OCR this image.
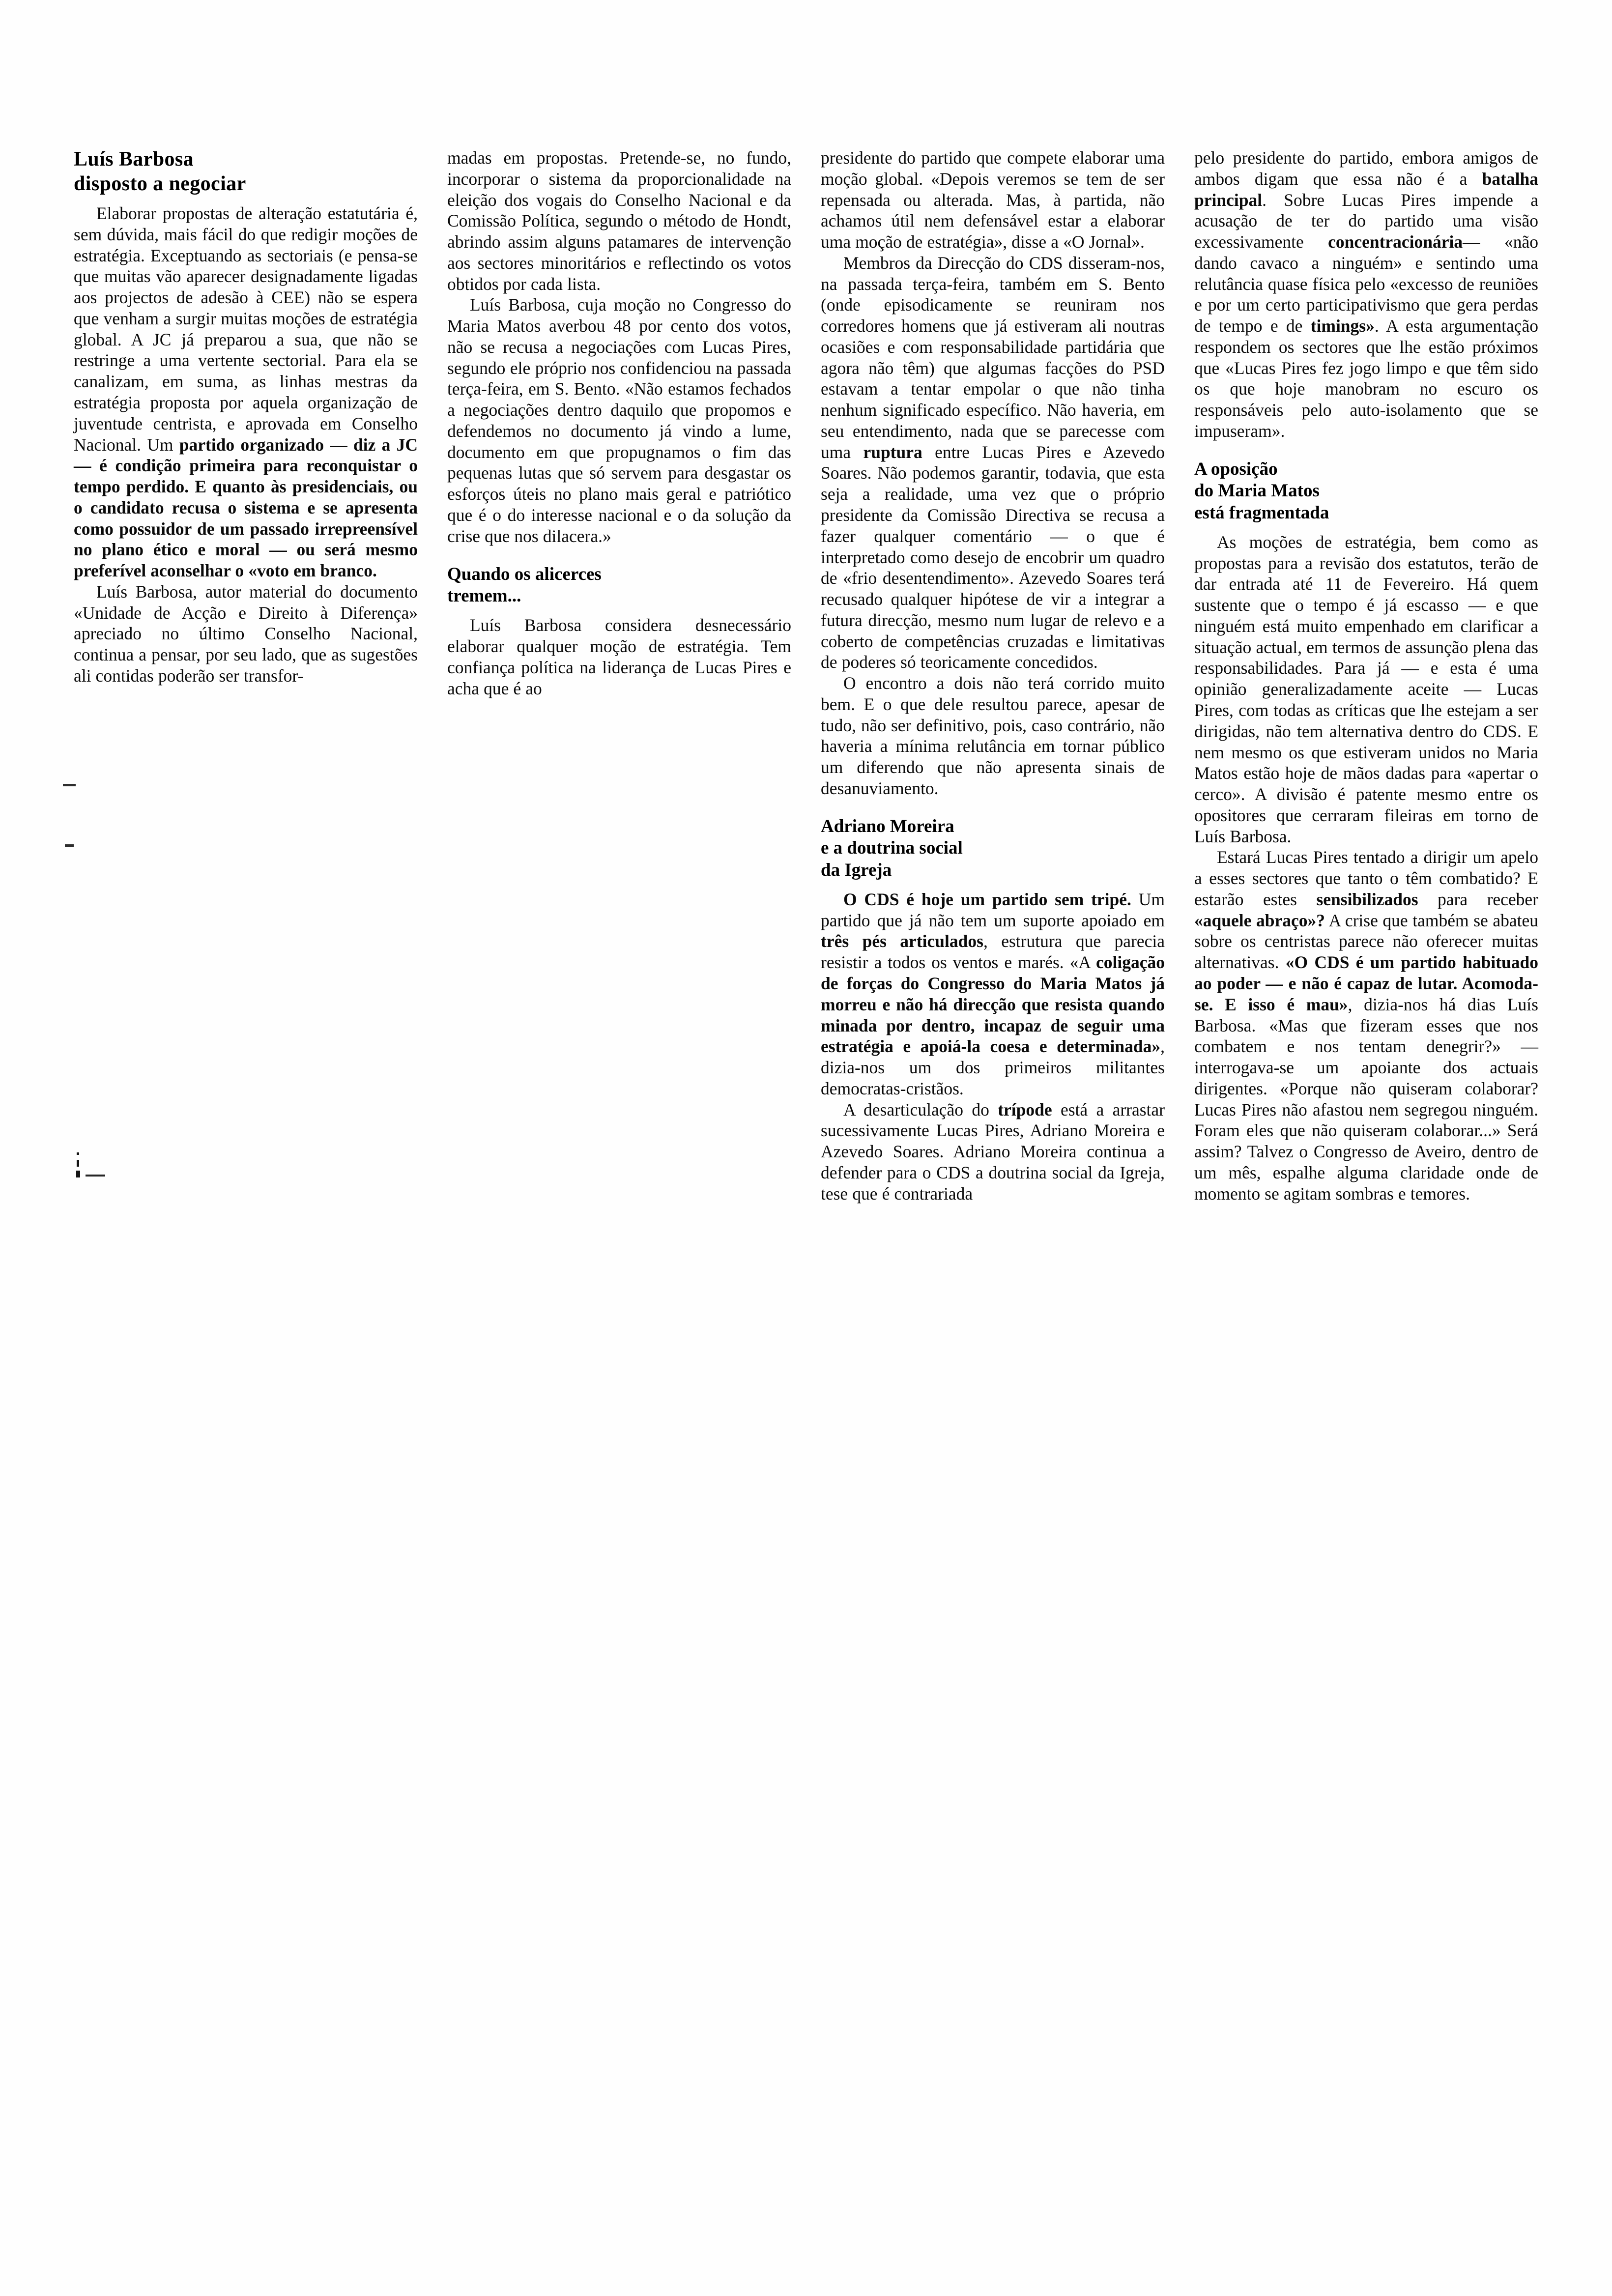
Luís Barbosa
disposto a negociar

Elaborar propostas de alteração estatutária é, sem dúvida, mais fácil do que redigir moções de estratégia. Exceptuando as sectoriais (e pensa-se que muitas vão aparecer designadamente ligadas aos projectos de adesão à CEE) não se espera que venham a surgir muitas moções de estratégia global. A JC já preparou a sua, que não se restringe a uma vertente sectorial. Para ela se canalizam, em suma, as linhas mestras da estratégia proposta por aquela organização de juventude centrista, e aprovada em Conselho Nacional. Um partido organizado — diz a JC — é condição primeira para reconquistar o tempo perdido. E quanto às presidenciais, ou o candidato recusa o sistema e se apresenta como possuidor de um passado irrepreensível no plano ético e moral — ou será mesmo preferível aconselhar o «voto em branco.

Luís Barbosa, autor material do documento «Unidade de Acção e Direito à Diferença» apreciado no último Conselho Nacional, continua a pensar, por seu lado, que as sugestões ali contidas poderão ser transfor-

madas em propostas. Pretende-se, no fundo, incorporar o sistema da proporcionalidade na eleição dos vogais do Conselho Nacional e da Comissão Política, segundo o método de Hondt, abrindo assim alguns patamares de intervenção aos sectores minoritários e reflectindo os votos obtidos por cada lista.

Luís Barbosa, cuja moção no Congresso do Maria Matos averbou 48 por cento dos votos, não se recusa a negociações com Lucas Pires, segundo ele próprio nos confidenciou na passada terça-feira, em S. Bento. «Não estamos fechados a negociações dentro daquilo que propomos e defendemos no documento já vindo a lume, documento em que propugnamos o fim das pequenas lutas que só servem para desgastar os esforços úteis no plano mais geral e patriótico que é o do interesse nacional e o da solução da crise que nos dilacera.»

Quando os alicerces
tremem...

Luís Barbosa considera desnecessário elaborar qualquer moção de estratégia. Tem confiança política na liderança de Lucas Pires e acha que é ao

presidente do partido que compete elaborar uma moção global. «Depois veremos se tem de ser repensada ou alterada. Mas, à partida, não achamos útil nem defensável estar a elaborar uma moção de estratégia», disse a «O Jornal».

Membros da Direcção do CDS disseram-nos, na passada terça-feira, também em S. Bento (onde episodicamente se reuniram nos corredores homens que já estiveram ali noutras ocasiões e com responsabilidade partidária que agora não têm) que algumas facções do PSD estavam a tentar empolar o que não tinha nenhum significado específico. Não haveria, em seu entendimento, nada que se parecesse com uma ruptura entre Lucas Pires e Azevedo Soares. Não podemos garantir, todavia, que esta seja a realidade, uma vez que o próprio presidente da Comissão Directiva se recusa a fazer qualquer comentário — o que é interpretado como desejo de encobrir um quadro de «frio desentendimento». Azevedo Soares terá recusado qualquer hipótese de vir a integrar a futura direcção, mesmo num lugar de relevo e a coberto de competências cruzadas e limitativas de poderes só teoricamente concedidos.

O encontro a dois não terá corrido muito bem. E o que dele resultou parece, apesar de tudo, não ser definitivo, pois, caso contrário, não haveria a mínima relutância em tornar público um diferendo que não apresenta sinais de desanuviamento.

Adriano Moreira
e a doutrina social
da Igreja

O CDS é hoje um partido sem tripé. Um partido que já não tem um suporte apoiado em três pés articulados, estrutura que parecia resistir a todos os ventos e marés. «A coligação de forças do Congresso do Maria Matos já morreu e não há direcção que resista quando minada por dentro, incapaz de seguir uma estratégia e apoiá-la coesa e determinada», dizia-nos um dos primeiros militantes democratas-cristãos.

A desarticulação do trípode está a arrastar sucessivamente Lucas Pires, Adriano Moreira e Azevedo Soares. Adriano Moreira continua a defender para o CDS a doutrina social da Igreja, tese que é contrariada

pelo presidente do partido, embora amigos de ambos digam que essa não é a batalha principal. Sobre Lucas Pires impende a acusação de ter do partido uma visão excessivamente concentracionária— «não dando cavaco a ninguém» e sentindo uma relutância quase física pelo «excesso de reuniões e por um certo participativismo que gera perdas de tempo e de timings». A esta argumentação respondem os sectores que lhe estão próximos que «Lucas Pires fez jogo limpo e que têm sido os que hoje manobram no escuro os responsáveis pelo auto-isolamento que se impuseram».

A oposição
do Maria Matos
está fragmentada

As moções de estratégia, bem como as propostas para a revisão dos estatutos, terão de dar entrada até 11 de Fevereiro. Há quem sustente que o tempo é já escasso — e que ninguém está muito empenhado em clarificar a situação actual, em termos de assunção plena das responsabilidades. Para já — e esta é uma opinião generalizadamente aceite — Lucas Pires, com todas as críticas que lhe estejam a ser dirigidas, não tem alternativa dentro do CDS. E nem mesmo os que estiveram unidos no Maria Matos estão hoje de mãos dadas para «apertar o cerco». A divisão é patente mesmo entre os opositores que cerraram fileiras em torno de Luís Barbosa.

Estará Lucas Pires tentado a dirigir um apelo a esses sectores que tanto o têm combatido? E estarão estes sensibilizados para receber «aquele abraço»? A crise que também se abateu sobre os centristas parece não oferecer muitas alternativas. «O CDS é um partido habituado ao poder — e não é capaz de lutar. Acomoda-se. E isso é mau», dizia-nos há dias Luís Barbosa. «Mas que fizeram esses que nos combatem e nos tentam denegrir?» — interrogava-se um apoiante dos actuais dirigentes. «Porque não quiseram colaborar? Lucas Pires não afastou nem segregou ninguém. Foram eles que não quiseram colaborar...» Será assim? Talvez o Congresso de Aveiro, dentro de um mês, espalhe alguma claridade onde de momento se agitam sombras e temores.
